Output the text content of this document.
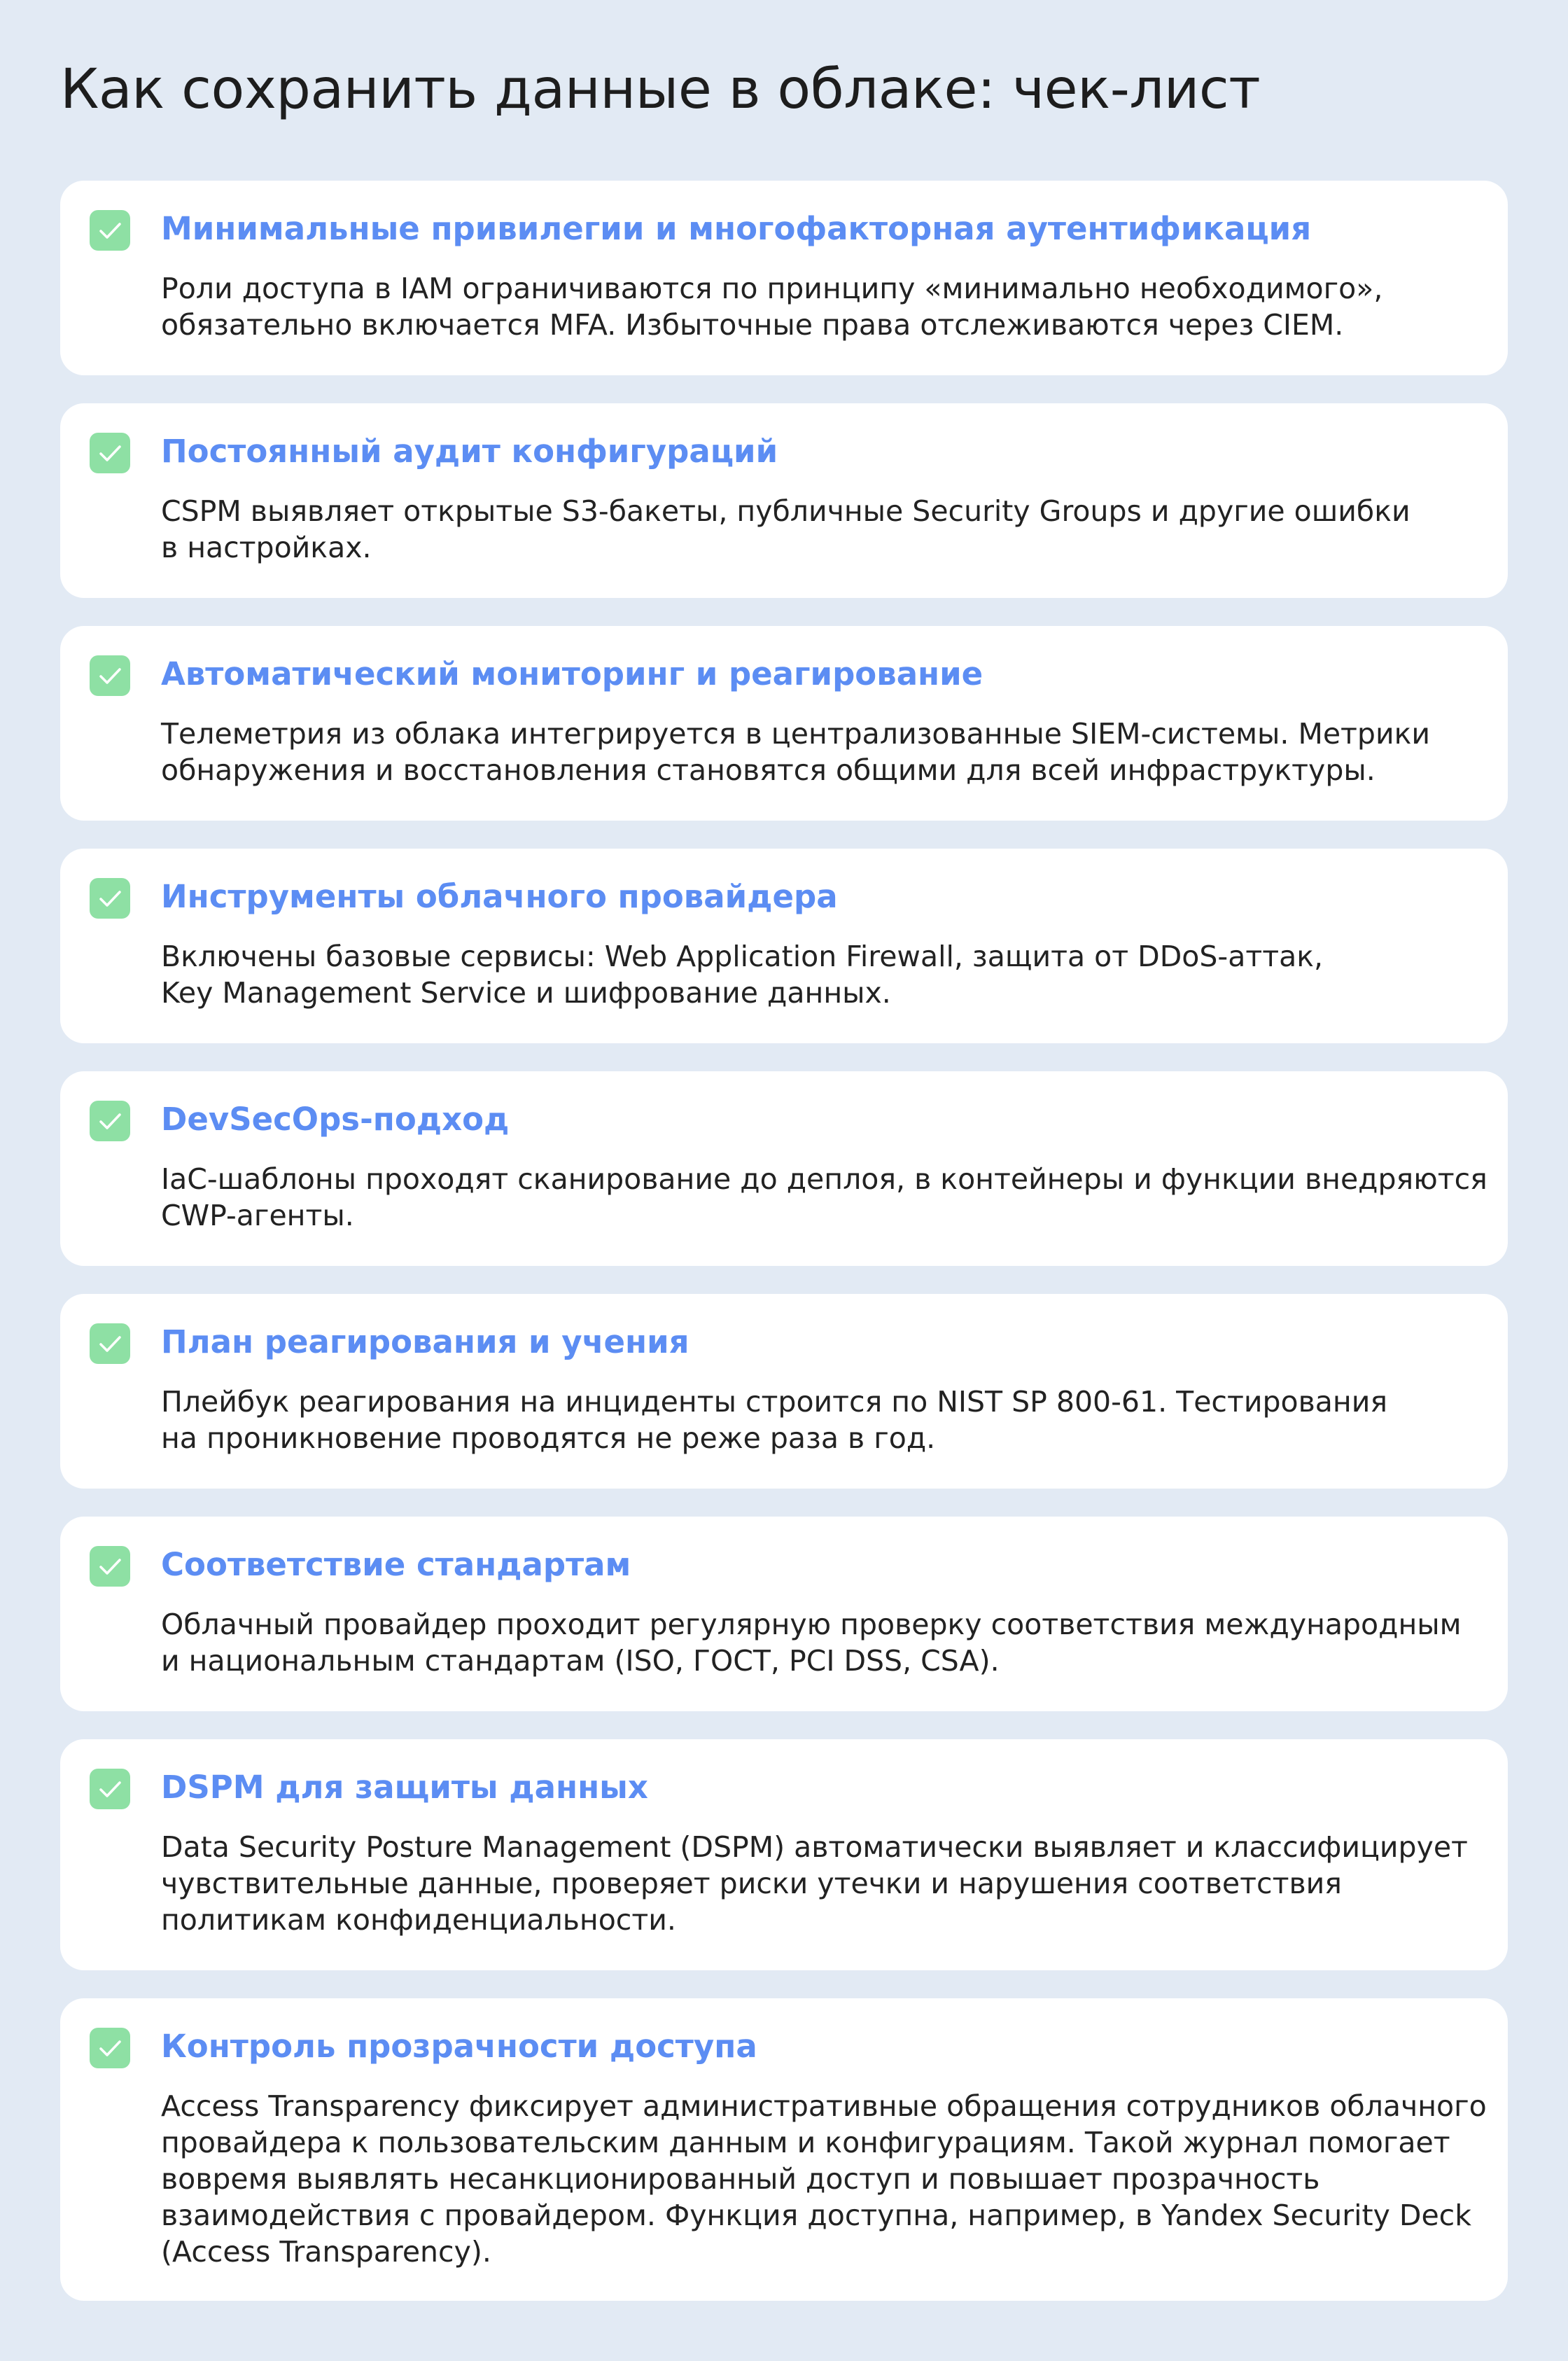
Как сохранить данные в облаке: чек-лист
Минимальные привилегии и многофакторная аутентификация

Роли доступа в IAM ограничиваются по принципу «минимально необходимого»,
обязательно включается MFA. Избыточные права отслеживаются через CIEM.

Постоянный аудит конфигураций

CSPM выявляет открытые S3-бакеты, публичные Security Groups и другие ошибки
в настройках.

Автоматический мониторинг и реагирование

Телеметрия из облака интегрируется в централизованные SIEM-системы. Метрики
обнаружения и восстановления становятся общими для всей инфраструктуры.

Инструменты облачного провайдера

Включены базовые сервисы: Web Application Firewall, защита от DDoS-аттак,
Key Management Service и шифрование данных.

DevSecOps-подход

IaC-шаблоны проходят сканирование до деплоя, в контейнеры и функции внедряются
CWP-агенты.

План реагирования и учения

Плейбук реагирования на инциденты строится по NIST SP 800-61. Тестирования
на проникновение проводятся не реже раза в год.

Соответствие стандартам

Облачный провайдер проходит регулярную проверку соответствия международным
и национальным стандартам (ISO, ГОСТ, PCI DSS, CSA).

DSPM для защиты данных

Data Security Posture Management (DSPM) автоматически выявляет и классифицирует
чувствительные данные, проверяет риски утечки и нарушения соответствия
политикам конфиденциальности.

Контроль прозрачности доступа

Access Transparency фиксирует административные обращения сотрудников облачного
провайдера к пользовательским данным и конфигурациям. Такой журнал помогает
вовремя выявлять несанкционированный доступ и повышает прозрачность
взаимодействия с провайдером. Функция доступна, например, в Yandex Security Deck
(Access Transparency).
